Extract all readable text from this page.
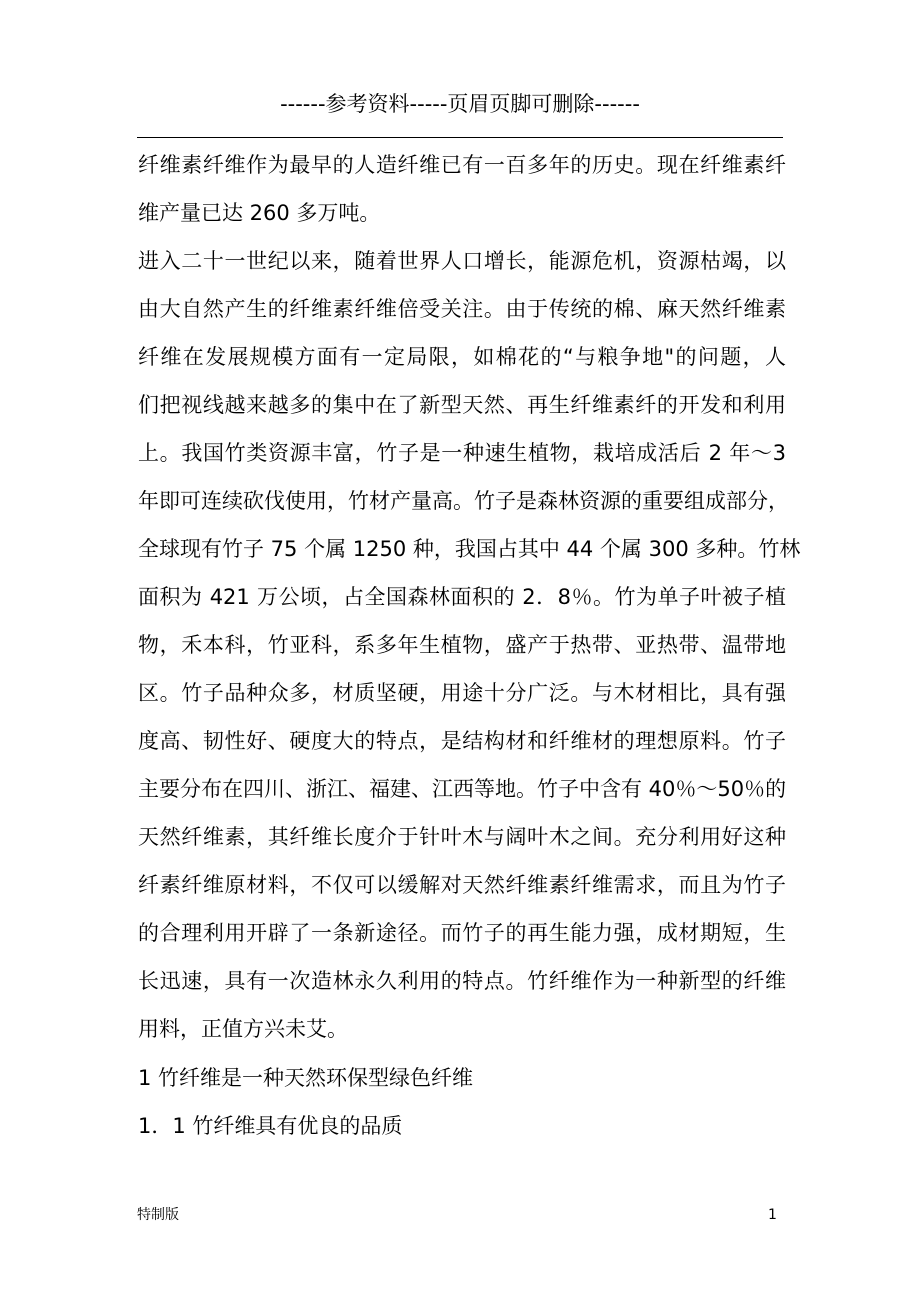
------参考资料-----页眉页脚可删除------
纤维素纤维作为最早的人造纤维已有一百多年的历史。现在纤维素纤
维产量已达 260 多万吨。
进入二十一世纪以来，随着世界人口增长，能源危机，资源枯竭，以
由大自然产生的纤维素纤维倍受关注。由于传统的棉、麻天然纤维素
纤维在发展规模方面有一定局限，如棉花的“与粮争地"的问题，人
们把视线越来越多的集中在了新型天然、再生纤维素纤的开发和利用
上。我国竹类资源丰富，竹子是一种速生植物，栽培成活后 2 年～3
年即可连续砍伐使用，竹材产量高。竹子是森林资源的重要组成部分，
全球现有竹子 75 个属 1250 种，我国占其中 44 个属 300 多种。竹林
面积为 421 万公顷，占全国森林面积的 2．8％。竹为单子叶被子植
物，禾本科，竹亚科，系多年生植物，盛产于热带、亚热带、温带地
区。竹子品种众多，材质坚硬，用途十分广泛。与木材相比，具有强
度高、韧性好、硬度大的特点，是结构材和纤维材的理想原料。竹子
主要分布在四川、浙江、福建、江西等地。竹子中含有 40％～50％的
天然纤维素，其纤维长度介于针叶木与阔叶木之间。充分利用好这种
纤素纤维原材料，不仅可以缓解对天然纤维素纤维需求，而且为竹子
的合理利用开辟了一条新途径。而竹子的再生能力强，成材期短，生
长迅速，具有一次造林永久利用的特点。竹纤维作为一种新型的纤维
用料，正值方兴未艾。
1 竹纤维是一种天然环保型绿色纤维
1．1 竹纤维具有优良的品质
特制版	1
